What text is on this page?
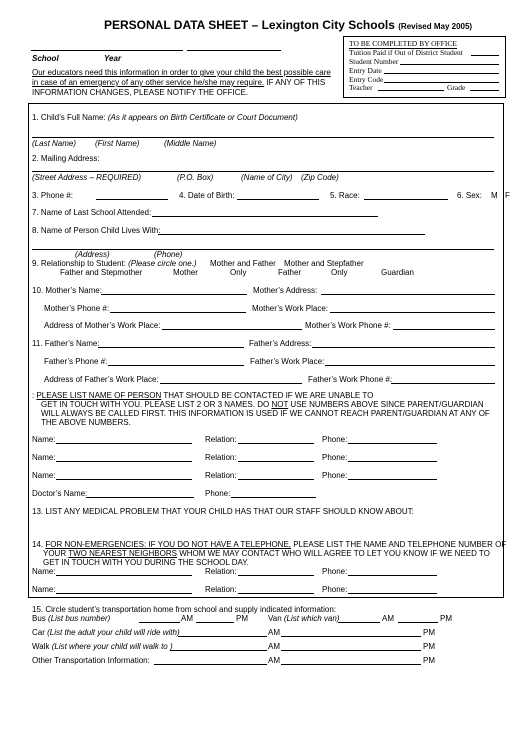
PERSONAL DATA SHEET – Lexington City Schools (Revised May 2005)
School	Year
Our educators need this information in order to give your child the best possible care in case of an emergency of any other service he/she may require. IF ANY OF THIS INFORMATION CHANGES, PLEASE NOTIFY THE OFFICE.
TO BE COMPLETED BY OFFICE
Tuition Paid if Out of District Student
Student Number
Entry Date
Entry Code
Teacher	Grade
1. Child’s Full Name: (As it appears on Birth Certificate or Court Document)
(Last Name) (First Name)	(Middle Name)
2. Mailing Address:
(Street Address – REQUIRED)	(P.O. Box)	(Name of City) (Zip Code)
3. Phone #:	4. Date of Birth:	5. Race:	6. Sex: M F
7. Name of Last School Attended:
8. Name of Person Child Lives With:
(Address)	(Phone)
9. Relationship to Student: (Please circle one.) Mother and Father Mother and Stepfather
Father and Stepmother	Mother	Only	Father	Only	Guardian
10. Mother’s Name:	Mother’s Address:
Mother’s Phone #:	Mother’s Work Place:
Address of Mother’s Work Place:	Mother’s Work Phone #:
11. Father’s Name:	Father’s Address:
Father’s Phone #:	Father’s Work Place:
Address of Father’s Work Place:	Father’s Work Phone #:
: PLEASE LIST NAME OF PERSON THAT SHOULD BE CONTACTED IF WE ARE UNABLE TO
GET IN TOUCH WITH YOU. PLEASE LIST 2 OR 3 NAMES. DO NOT USE NUMBERS ABOVE SINCE PARENT/GUARDIAN
WILL ALWAYS BE CALLED FIRST. THIS INFORMATION IS USED IF WE CANNOT REACH PARENT/GUARDIAN AT ANY OF
THE ABOVE NUMBERS.
Name:	Relation:	Phone:
Name:	Relation:	Phone:
Name:	Relation:	Phone:
Doctor’s Name:	Phone:
13. LIST ANY MEDICAL PROBLEM THAT YOUR CHILD HAS THAT OUR STAFF SHOULD KNOW ABOUT:
14. FOR NON-EMERGENCIES: IF YOU DO NOT HAVE A TELEPHONE, PLEASE LIST THE NAME AND TELEPHONE NUMBER OF
YOUR TWO NEAREST NEIGHBORS WHOM WE MAY CONTACT WHO WILL AGREE TO LET YOU KNOW IF WE NEED TO
GET IN TOUCH WITH YOU DURING THE SCHOOL DAY.
Name:	Relation:	Phone:
Name:	Relation:	Phone:
15. Circle student’s transportation home from school and supply indicated information:
Bus (List bus number)	AM	PM	Van (List which van)	AM	PM
Car (List the adult your child will ride with)	AM	PM
Walk (List where your child will walk to )	AM	PM
Other Transportation Information:	AM	PM
